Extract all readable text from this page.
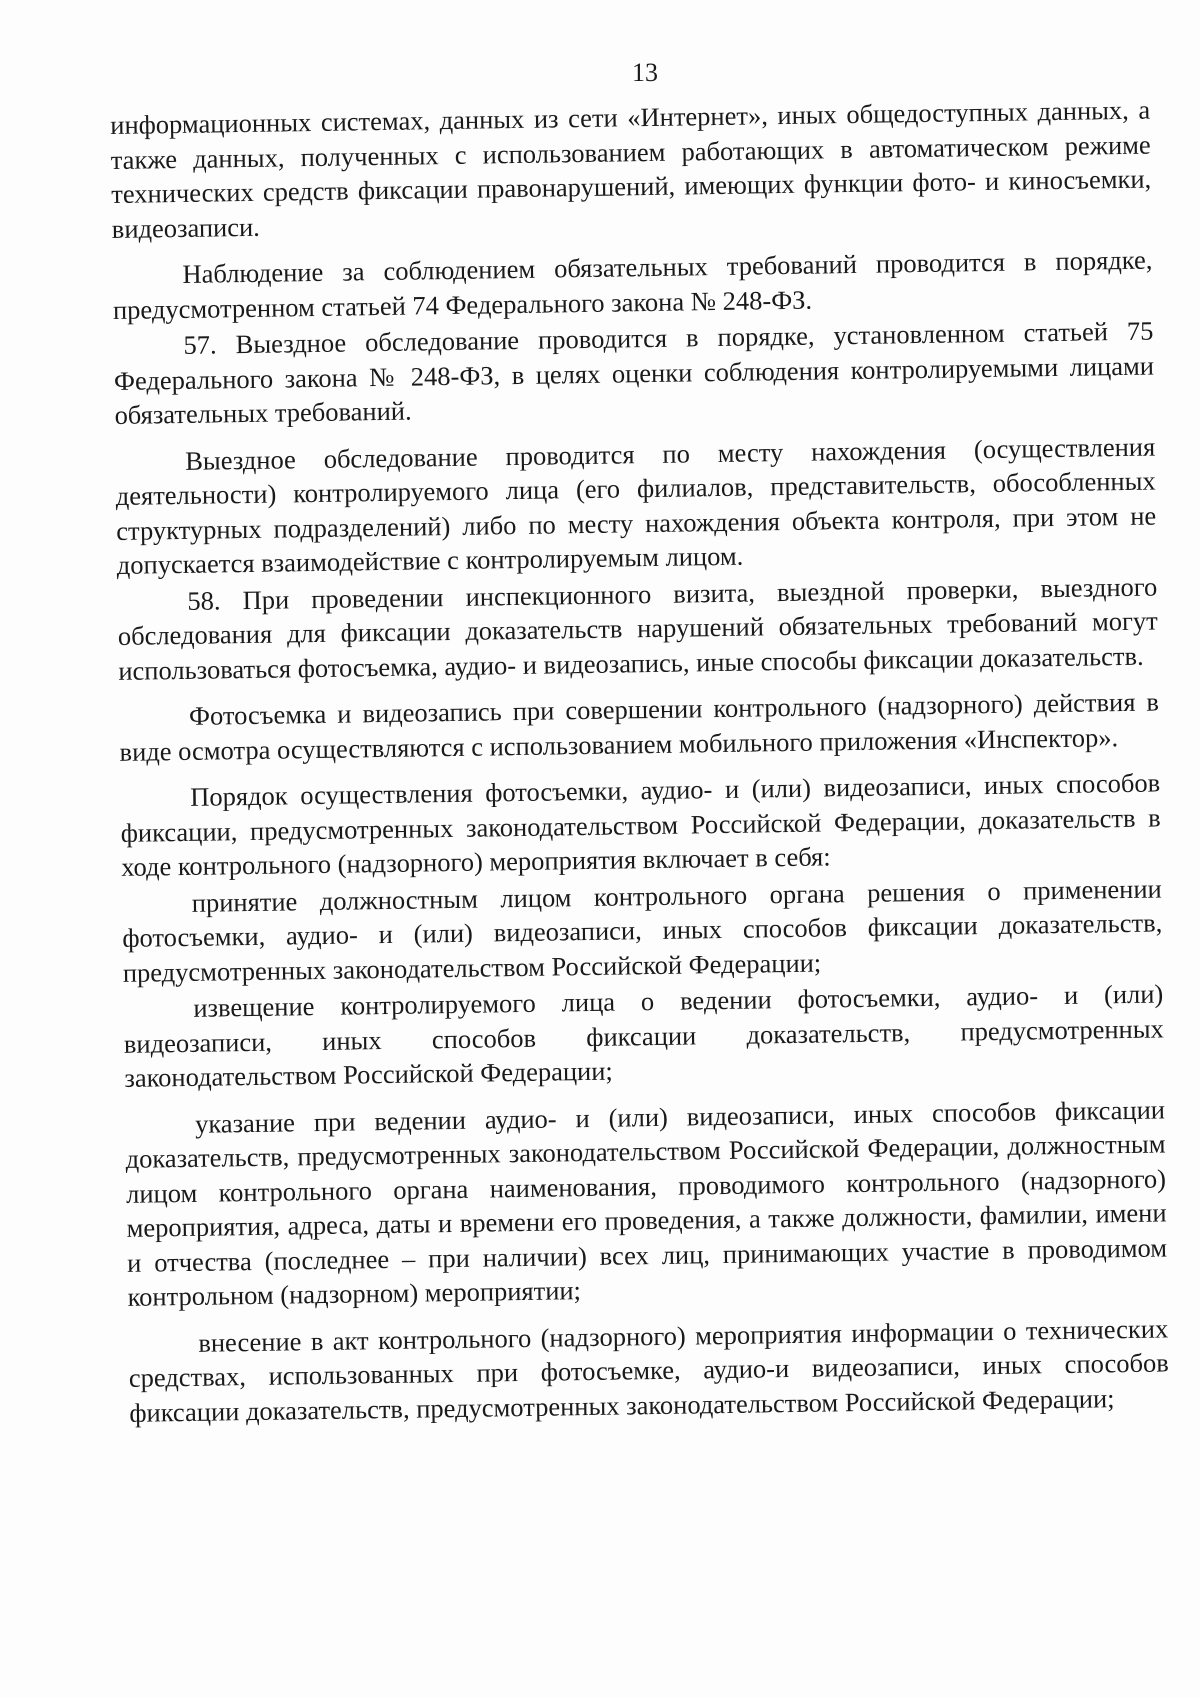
13

информационных системах, данных из сети «Интернет», иных общедоступных данных, а также данных, полученных с использованием работающих в автоматическом режиме технических средств фиксации правонарушений, имеющих функции фото- и киносъемки, видеозаписи.

Наблюдение за соблюдением обязательных требований проводится в порядке, предусмотренном статьей 74 Федерального закона № 248-ФЗ.

57. Выездное обследование проводится в порядке, установленном статьей 75 Федерального закона № 248-ФЗ, в целях оценки соблюдения контролируемыми лицами обязательных требований.

Выездное обследование проводится по месту нахождения (осуществления деятельности) контролируемого лица (его филиалов, представительств, обособленных структурных подразделений) либо по месту нахождения объекта контроля, при этом не допускается взаимодействие с контролируемым лицом.

58. При проведении инспекционного визита, выездной проверки, выездного обследования для фиксации доказательств нарушений обязательных требований могут использоваться фотосъемка, аудио- и видеозапись, иные способы фиксации доказательств.

Фотосъемка и видеозапись при совершении контрольного (надзорного) действия в виде осмотра осуществляются с использованием мобильного приложения «Инспектор».

Порядок осуществления фотосъемки, аудио- и (или) видеозаписи, иных способов фиксации, предусмотренных законодательством Российской Федерации, доказательств в ходе контрольного (надзорного) мероприятия включает в себя:

принятие должностным лицом контрольного органа решения о применении фотосъемки, аудио- и (или) видеозаписи, иных способов фиксации доказательств, предусмотренных законодательством Российской Федерации;

извещение контролируемого лица о ведении фотосъемки, аудио- и (или) видеозаписи, иных способов фиксации доказательств, предусмотренных законодательством Российской Федерации;

указание при ведении аудио- и (или) видеозаписи, иных способов фиксации доказательств, предусмотренных законодательством Российской Федерации, должностным лицом контрольного органа наименования, проводимого контрольного (надзорного) мероприятия, адреса, даты и времени его проведения, а также должности, фамилии, имени и отчества (последнее – при наличии) всех лиц, принимающих участие в проводимом контрольном (надзорном) мероприятии;

внесение в акт контрольного (надзорного) мероприятия информации о технических средствах, использованных при фотосъемке, аудио-и видеозаписи, иных способов фиксации доказательств, предусмотренных законодательством Российской Федерации;
